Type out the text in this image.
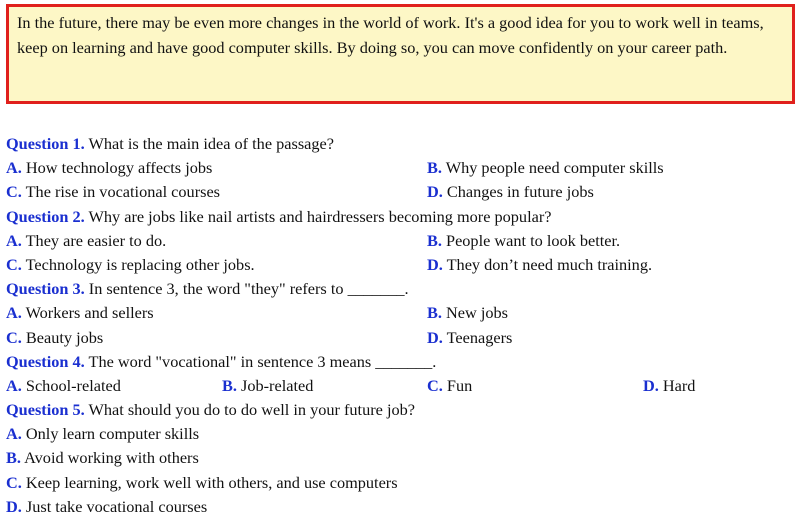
In the future, there may be even more changes in the world of work. It's a good idea for you to work well in teams, keep on learning and have good computer skills. By doing so, you can move confidently on your career path.
Question 1. What is the main idea of the passage?
A. How technology affects jobs	B. Why people need computer skills
C. The rise in vocational courses	D. Changes in future jobs
Question 2. Why are jobs like nail artists and hairdressers becoming more popular?
A. They are easier to do.	B. People want to look better.
C. Technology is replacing other jobs.	D. They don’t need much training.
Question 3. In sentence 3, the word "they" refers to _______.
A. Workers and sellers	B. New jobs
C. Beauty jobs	D. Teenagers
Question 4. The word "vocational" in sentence 3 means _______.
A. School-related	B. Job-related	C. Fun	D. Hard
Question 5. What should you do to do well in your future job?
A. Only learn computer skills
B. Avoid working with others
C. Keep learning, work well with others, and use computers
D. Just take vocational courses
